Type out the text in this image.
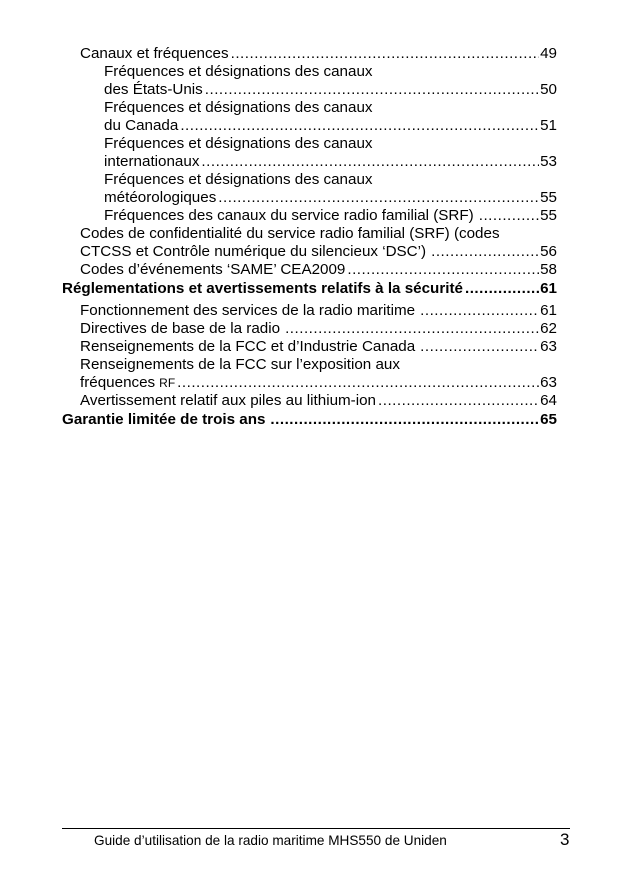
Canaux et fréquences .....	49
Fréquences et désignations des canaux
des États-Unis .....	50
Fréquences et désignations des canaux
du Canada .....	51
Fréquences et désignations des canaux
internationaux .....	53
Fréquences et désignations des canaux
météorologiques .....	55
Fréquences des canaux du service radio familial (SRF) .....	55
Codes de confidentialité du service radio familial (SRF) (codes
CTCSS et Contrôle numérique du silencieux ‘DSC’) .....	56
Codes d’événements ‘SAME’ CEA2009 .....	58
Réglementations et avertissements relatifs à la sécurité .....	61
Fonctionnement des services de la radio maritime .....	61
Directives de base de la radio .....	62
Renseignements de la FCC et d’Industrie Canada .....	63
Renseignements de la FCC sur l’exposition aux
fréquences RF .....	63
Avertissement relatif aux piles au lithium-ion .....	64
Garantie limitée de trois ans .....	65
Guide d’utilisation de la radio maritime MHS550 de Uniden	3
